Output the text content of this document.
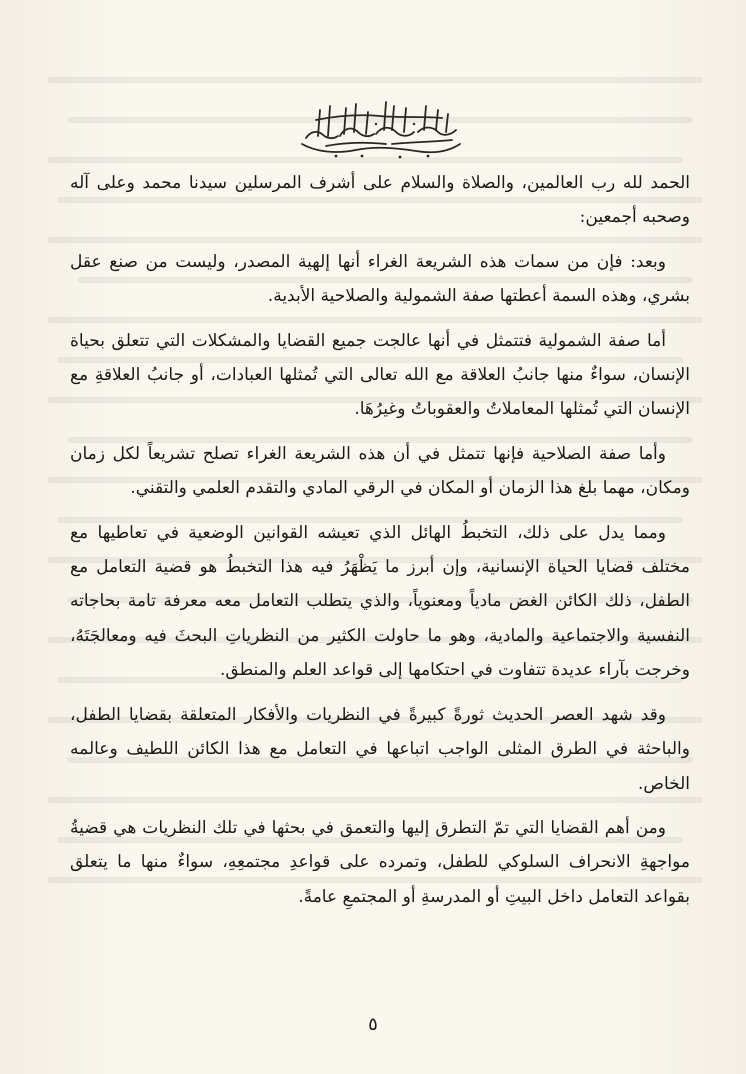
الحمد لله رب العالمين، والصلاة والسلام على أشرف المرسلين سيدنا محمد وعلى آله وصحبه أجمعين:

وبعد: فإن من سمات هذه الشريعة الغراء أنها إلهية المصدر، وليست من صنع عقل بشري، وهذه السمة أعطتها صفة الشمولية والصلاحية الأبدية.

أما صفة الشمولية فتتمثل في أنها عالجت جميع القضايا والمشكلات التي تتعلق بحياة الإنسان، سواءٌ منها جانبُ العلاقة مع الله تعالى التي تُمثلها العبادات، أو جانبُ العلاقةِ مع الإنسان التي تُمثلها المعاملاتُ والعقوباتُ وغيرُهَا.

وأما صفة الصلاحية فإنها تتمثل في أن هذه الشريعة الغراء تصلح تشريعاً لكل زمان ومكان، مهما بلغ هذا الزمان أو المكان في الرقي المادي والتقدم العلمي والتقني.

ومما يدل على ذلك، التخبطُ الهائل الذي تعيشه القوانين الوضعية في تعاطيها مع مختلف قضايا الحياة الإنسانية، وإن أبرز ما يَظْهَرُ فيه هذا التخبطُ هو قضية التعامل مع الطفل، ذلك الكائن الغض مادياً ومعنوياً، والذي يتطلب التعامل معه معرفة تامة بحاجاته النفسية والاجتماعية والمادية، وهو ما حاولت الكثير من النظرياتِ البحثَ فيه ومعالجَتَهُ، وخرجت بآراء عديدة تتفاوت في احتكامها إلى قواعد العلم والمنطق.

وقد شهد العصر الحديث ثورةً كبيرةً في النظريات والأفكار المتعلقة بقضايا الطفل، والباحثة في الطرق المثلى الواجب اتباعها في التعامل مع هذا الكائن اللطيف وعالمه الخاص.

ومن أهم القضايا التي تمّ التطرق إليها والتعمق في بحثها في تلك النظريات هي قضيةُ مواجهةِ الانحراف السلوكي للطفل، وتمرده على قواعدِ مجتمعِهِ، سواءٌ منها ما يتعلق بقواعد التعامل داخل البيتِ أو المدرسةِ أو المجتمعِ عامةً.

٥
